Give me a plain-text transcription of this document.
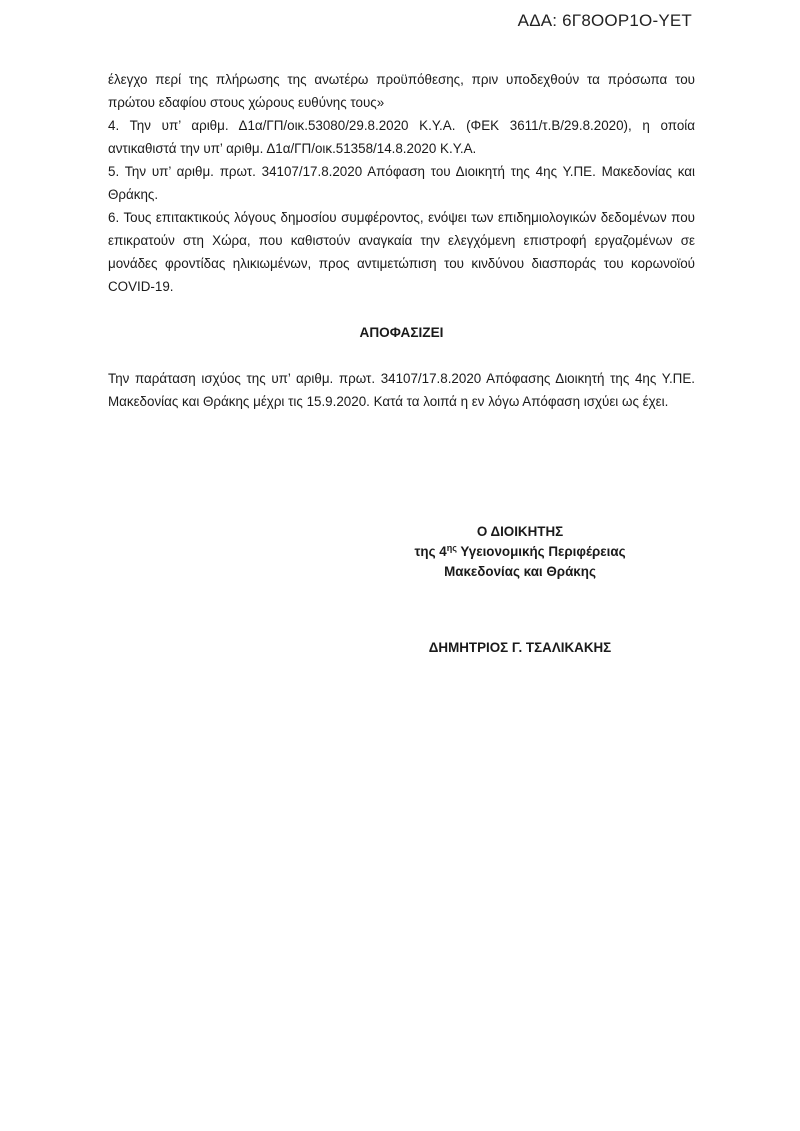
ΑΔΑ: 6Γ8ΟΟΡ1Ο-ΥΕΤ

έλεγχο περί της πλήρωσης της ανωτέρω προϋπόθεσης, πριν υποδεχθούν τα πρόσωπα του πρώτου εδαφίου στους χώρους ευθύνης τους»

4. Την υπ’ αριθμ. Δ1α/ΓΠ/οικ.53080/29.8.2020 Κ.Υ.Α. (ΦΕΚ 3611/τ.Β/29.8.2020), η οποία αντικαθιστά την υπ’ αριθμ. Δ1α/ΓΠ/οικ.51358/14.8.2020 Κ.Υ.Α.

5. Την υπ’ αριθμ. πρωτ. 34107/17.8.2020 Απόφαση του Διοικητή της 4ης Υ.ΠΕ. Μακεδονίας και Θράκης.

6. Τους επιτακτικούς λόγους δημοσίου συμφέροντος, ενόψει των επιδημιολογικών δεδομένων που επικρατούν στη Χώρα, που καθιστούν αναγκαία την ελεγχόμενη επιστροφή εργαζομένων σε μονάδες φροντίδας ηλικιωμένων, προς αντιμετώπιση του κινδύνου διασποράς του κορωνοϊού COVID-19.

ΑΠΟΦΑΣΙΖΕΙ

Την παράταση ισχύος της υπ’ αριθμ. πρωτ. 34107/17.8.2020 Απόφασης Διοικητή της 4ης Υ.ΠΕ. Μακεδονίας και Θράκης μέχρι τις 15.9.2020. Κατά τα λοιπά η εν λόγω Απόφαση ισχύει ως έχει.

Ο ΔΙΟΙΚΗΤΗΣ
της $4^{\eta\varsigma}$ Υγειονομικής Περιφέρειας
Μακεδονίας και Θράκης
ΔΗΜΗΤΡΙΟΣ Γ. ΤΣΑΛΙΚΑΚΗΣ
